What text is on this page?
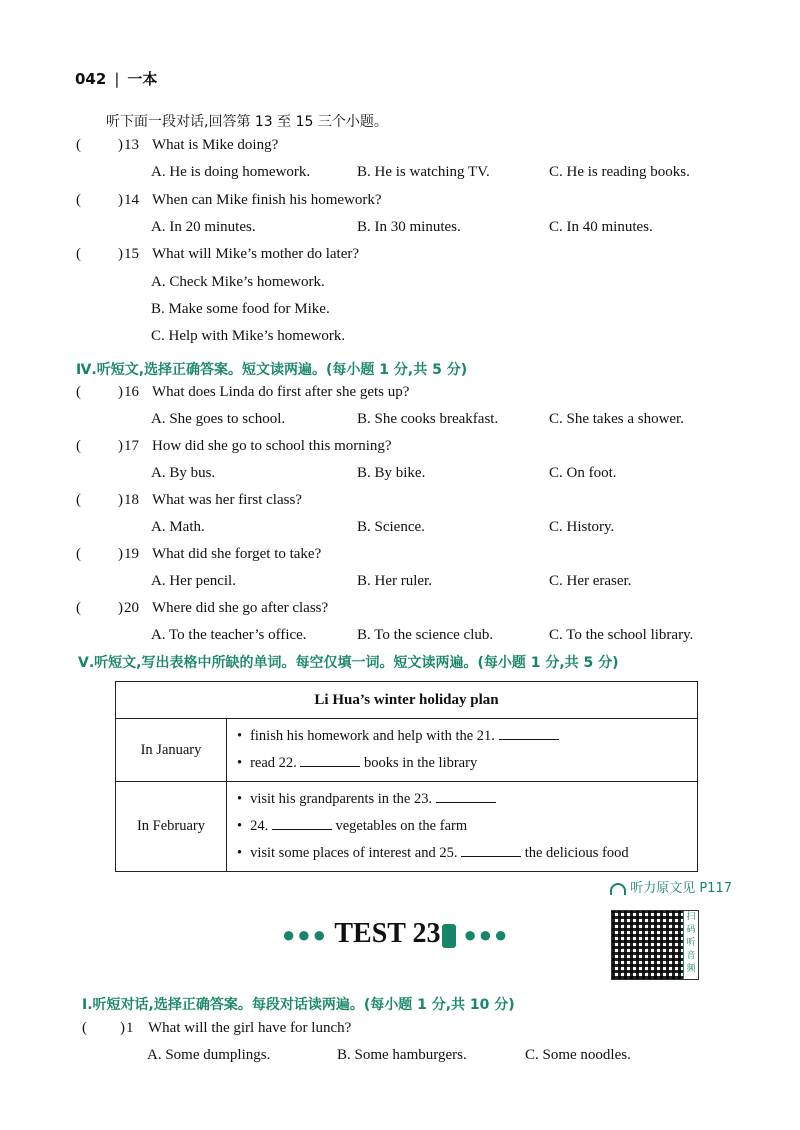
042 | 一本
听下面一段对话,回答第 13 至 15 三个小题。
(	13 What is Mike doing?
)
A. He is doing homework.	B. He is watching TV.	C. He is reading books.
(	14 When can Mike finish his homework?
)
A. In 20 minutes.	B. In 30 minutes.	C. In 40 minutes.
(	15 What will Mike’s mother do later?
)
A. Check Mike’s homework.
B. Make some food for Mike.
C. Help with Mike’s homework.
Ⅳ.听短文,选择正确答案。短文读两遍。(每小题 1 分,共 5 分)
(	16 What does Linda do first after she gets up?
)
A. She goes to school.	B. She cooks breakfast.	C. She takes a shower.
(	17 How did she go to school this morning?
)
A. By bus.	B. By bike.	C. On foot.
(	18 What was her first class?
)
A. Math.	B. Science.	C. History.
(	19 What did she forget to take?
)
A. Her pencil.	B. Her ruler.	C. Her eraser.
(	20 Where did she go after class?
)
A. To the teacher’s office.	B. To the science club.	C. To the school library.
Ⅴ.听短文,写出表格中所缺的单词。每空仅填一词。短文读两遍。(每小题 1 分,共 5 分)
Li Hua’s winter holiday plan	
In January	• finish his homework and help with the 21.
• read 22. books in the library

In February	• visit his grandparents in the 23.
• 24. vegetables on the farm
• visit some places of interest and 25. the delicious food
听力原文见 P117
●●● TEST 23 ●●●
扫码听音频
Ⅰ.听短对话,选择正确答案。每段对话读两遍。(每小题 1 分,共 10 分)
(	1 What will the girl have for lunch?
)
A. Some dumplings.	B. Some hamburgers.	C. Some noodles.
